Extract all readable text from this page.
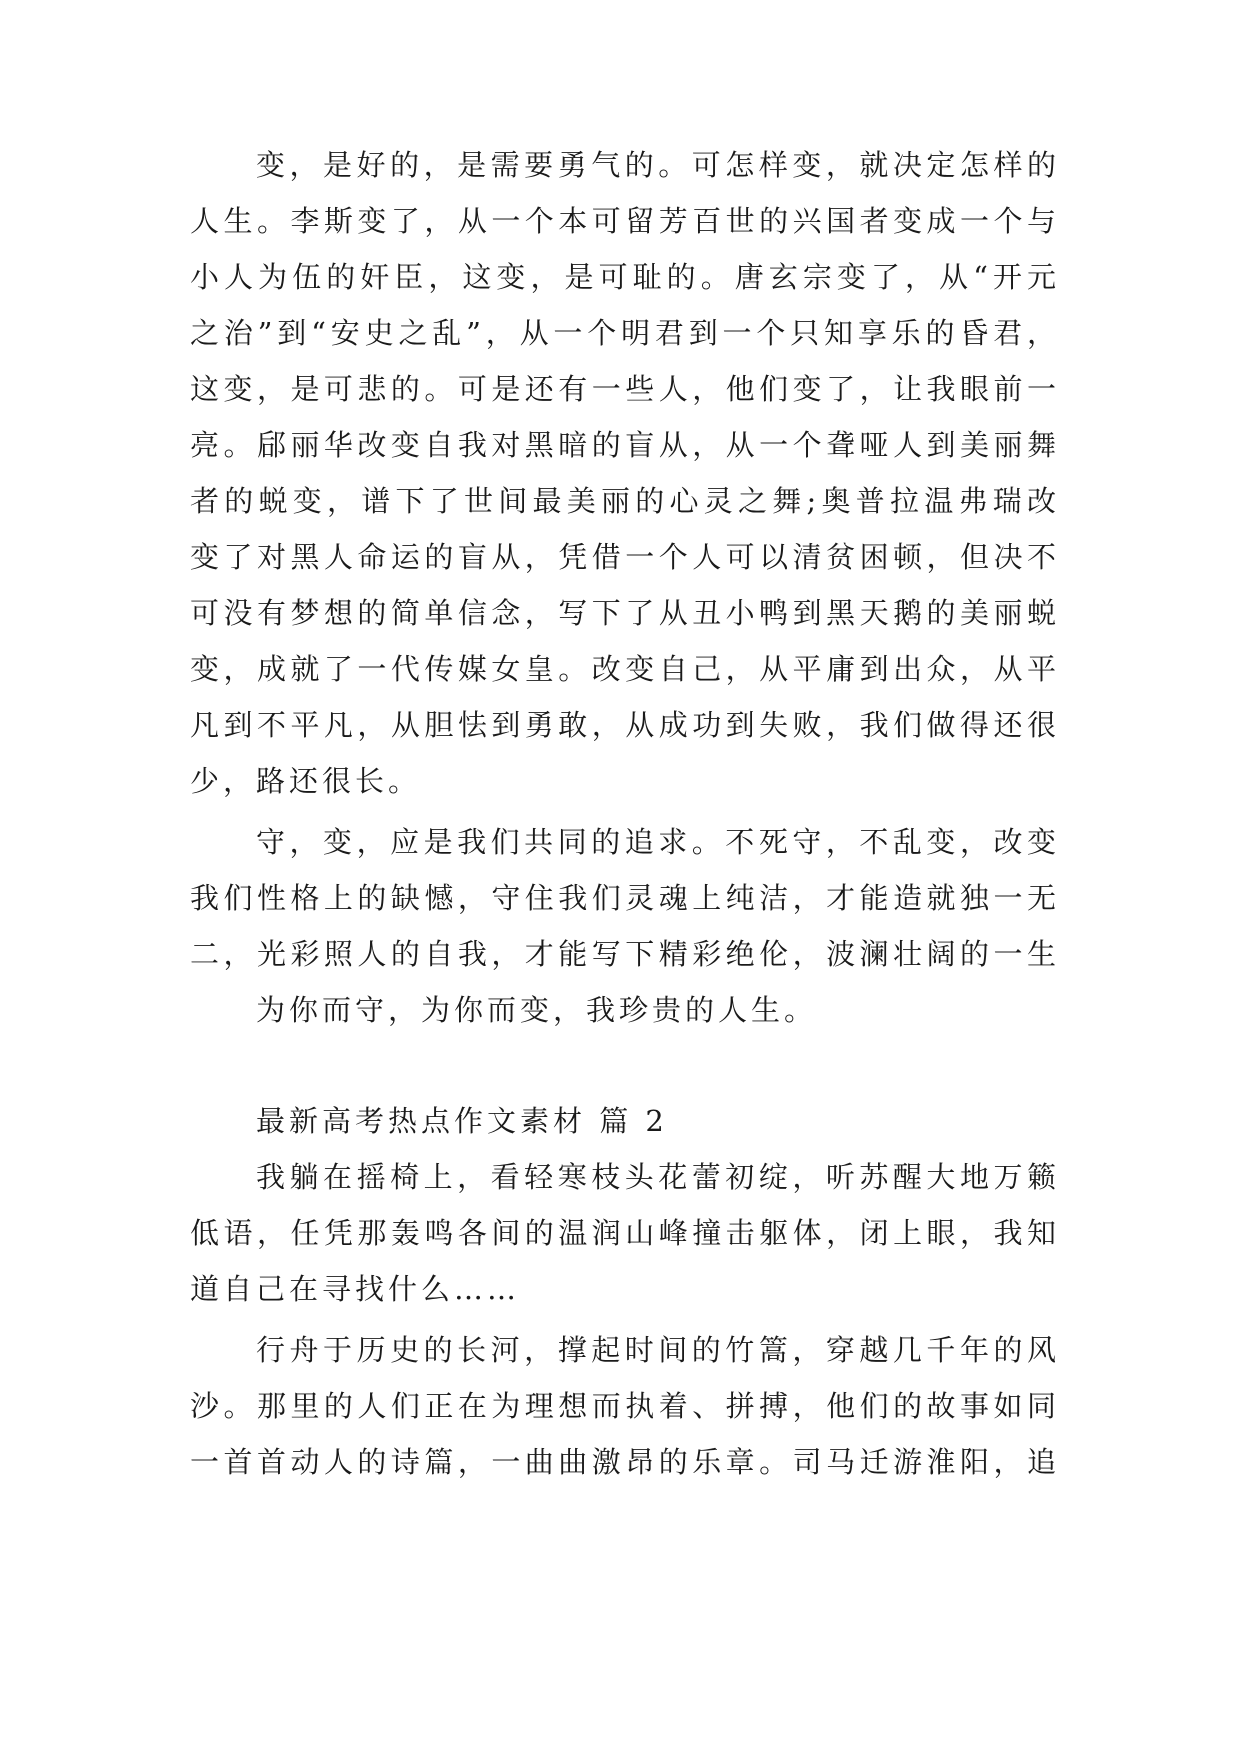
变，是好的，是需要勇气的。可怎样变，就决定怎样的
人生。李斯变了，从一个本可留芳百世的兴国者变成一个与
小人为伍的奸臣，这变，是可耻的。唐玄宗变了，从“开元
之治”到“安史之乱”，从一个明君到一个只知享乐的昏君，
这变，是可悲的。可是还有一些人，他们变了，让我眼前一
亮。郈丽华改变自我对黑暗的盲从，从一个聋哑人到美丽舞
者的蜕变，谱下了世间最美丽的心灵之舞;奥普拉温弗瑞改
变了对黑人命运的盲从，凭借一个人可以清贫困顿，但决不
可没有梦想的简单信念，写下了从丑小鸭到黑天鹅的美丽蜕
变，成就了一代传媒女皇。改变自己，从平庸到出众，从平
凡到不平凡，从胆怯到勇敢，从成功到失败，我们做得还很
少，路还很长。
守，变，应是我们共同的追求。不死守，不乱变，改变
我们性格上的缺憾，守住我们灵魂上纯洁，才能造就独一无
二，光彩照人的自我，才能写下精彩绝伦，波澜壮阔的一生
为你而守，为你而变，我珍贵的人生。
最新高考热点作文素材 篇 2
我躺在摇椅上，看轻寒枝头花蕾初绽，听苏醒大地万籁
低语，任凭那轰鸣各间的温润山峰撞击躯体，闭上眼，我知
道自己在寻找什么……
行舟于历史的长河，撑起时间的竹篙，穿越几千年的风
沙。那里的人们正在为理想而执着、拼搏，他们的故事如同
一首首动人的诗篇，一曲曲激昂的乐章。司马迁游淮阳，追
